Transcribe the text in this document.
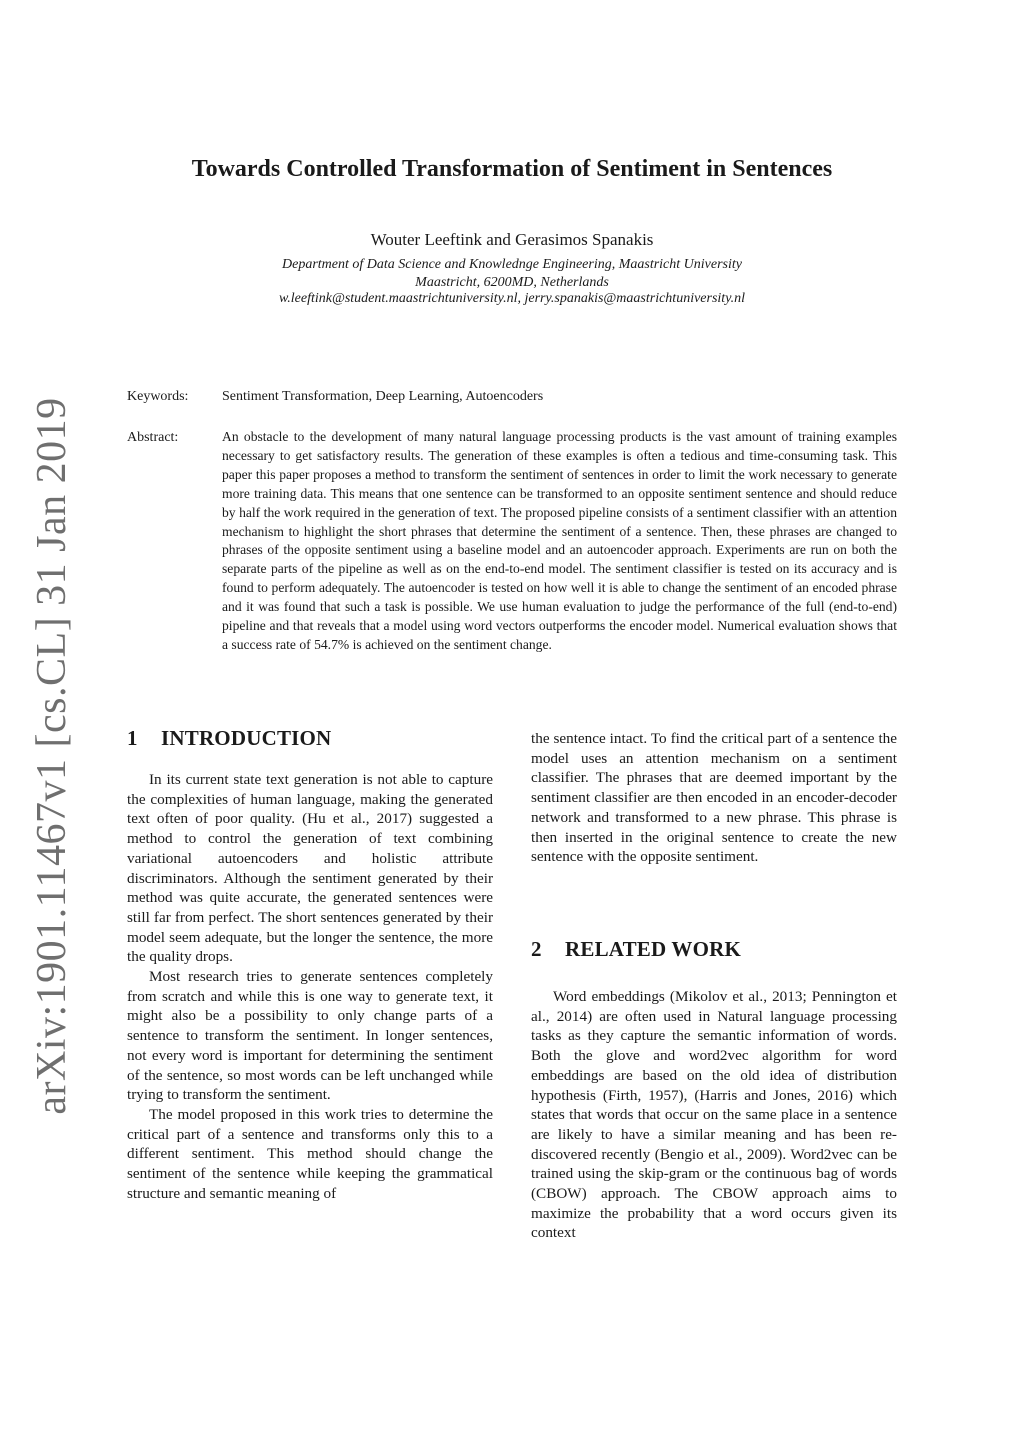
arXiv:1901.11467v1 [cs.CL] 31 Jan 2019
Towards Controlled Transformation of Sentiment in Sentences
Wouter Leeftink and Gerasimos Spanakis
Department of Data Science and Knowlednge Engineering, Maastricht University
Maastricht, 6200MD, Netherlands
w.leeftink@student.maastrichtuniversity.nl, jerry.spanakis@maastrichtuniversity.nl
Keywords: Sentiment Transformation, Deep Learning, Autoencoders
Abstract:	An obstacle to the development of many natural language processing products is the vast amount of training examples necessary to get satisfactory results. The generation of these examples is often a tedious and time-consuming task. This paper this paper proposes a method to transform the sentiment of sentences in order to limit the work necessary to generate more training data. This means that one sentence can be transformed to an opposite sentiment sentence and should reduce by half the work required in the generation of text. The proposed pipeline consists of a sentiment classifier with an attention mechanism to highlight the short phrases that determine the sentiment of a sentence. Then, these phrases are changed to phrases of the opposite sentiment using a baseline model and an autoencoder approach. Experiments are run on both the separate parts of the pipeline as well as on the end-to-end model. The sentiment classifier is tested on its accuracy and is found to perform adequately. The autoencoder is tested on how well it is able to change the sentiment of an encoded phrase and it was found that such a task is possible. We use human evaluation to judge the performance of the full (end-to-end) pipeline and that reveals that a model using word vectors outperforms the encoder model. Numerical evaluation shows that a success rate of 54.7% is achieved on the sentiment change.
1 INTRODUCTION

In its current state text generation is not able to capture the complexities of human language, making the generated text often of poor quality. (Hu et al., 2017) suggested a method to control the generation of text combining variational autoencoders and holistic attribute discriminators. Although the sentiment generated by their method was quite accurate, the generated sentences were still far from perfect. The short sentences generated by their model seem adequate, but the longer the sentence, the more the quality drops.

Most research tries to generate sentences completely from scratch and while this is one way to generate text, it might also be a possibility to only change parts of a sentence to transform the sentiment. In longer sentences, not every word is important for determining the sentiment of the sentence, so most words can be left unchanged while trying to transform the sentiment.

The model proposed in this work tries to determine the critical part of a sentence and transforms only this to a different sentiment. This method should change the sentiment of the sentence while keeping the grammatical structure and semantic meaning of

the sentence intact. To find the critical part of a sentence the model uses an attention mechanism on a sentiment classifier. The phrases that are deemed important by the sentiment classifier are then encoded in an encoder-decoder network and transformed to a new phrase. This phrase is then inserted in the original sentence to create the new sentence with the opposite sentiment.

2 RELATED WORK

Word embeddings (Mikolov et al., 2013; Pennington et al., 2014) are often used in Natural language processing tasks as they capture the semantic information of words. Both the glove and word2vec algorithm for word embeddings are based on the old idea of distribution hypothesis (Firth, 1957), (Harris and Jones, 2016) which states that words that occur on the same place in a sentence are likely to have a similar meaning and has been re-discovered recently (Bengio et al., 2009). Word2vec can be trained using the skip-gram or the continuous bag of words (CBOW) approach. The CBOW approach aims to maximize the probability that a word occurs given its context
